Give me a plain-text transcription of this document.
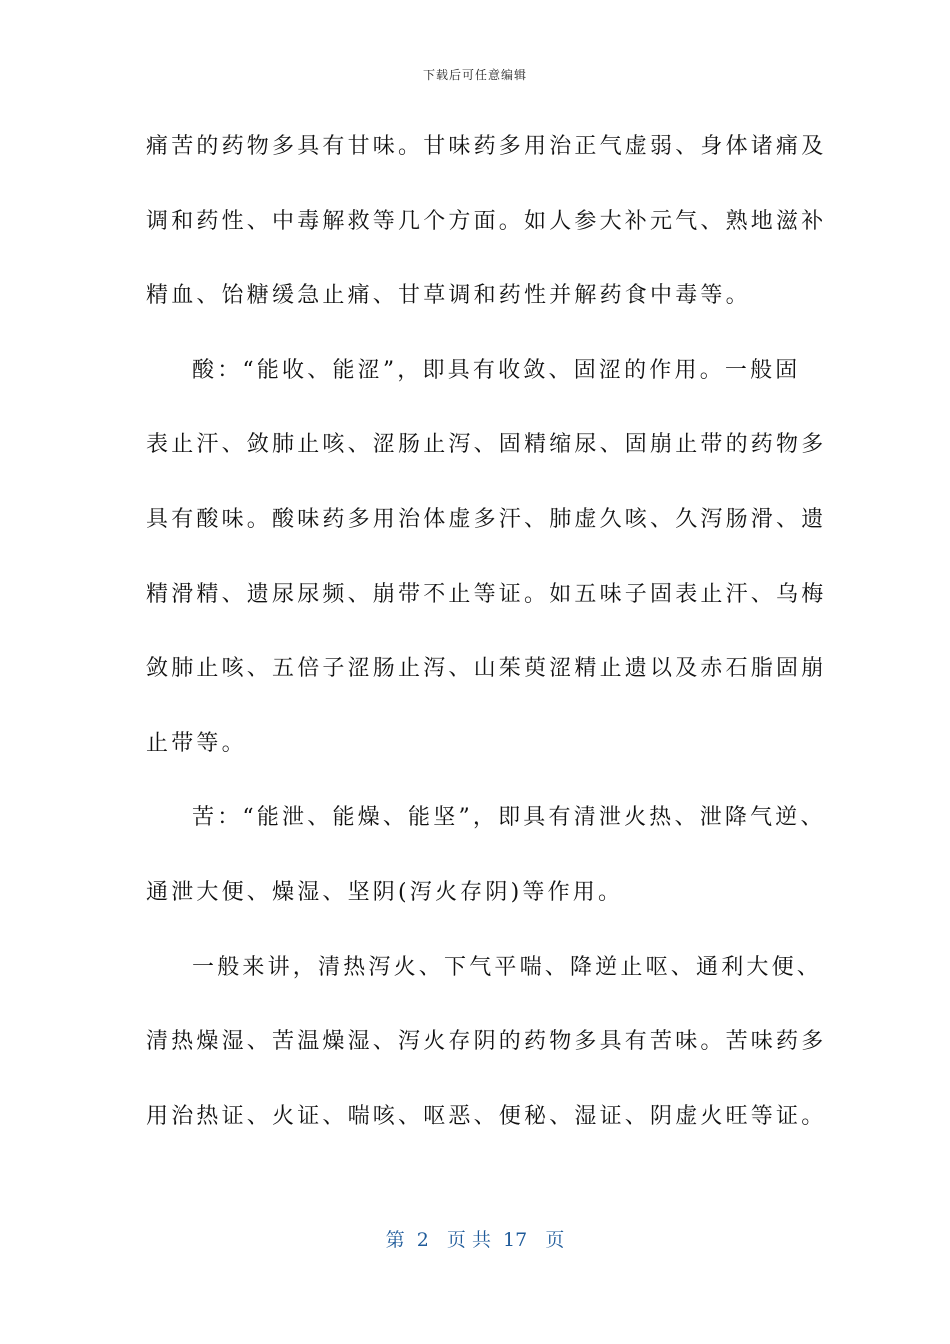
下载后可任意编辑
痛苦的药物多具有甘味。甘味药多用治正气虚弱、身体诸痛及
调和药性、中毒解救等几个方面。如人参大补元气、熟地滋补
精血、饴糖缓急止痛、甘草调和药性并解药食中毒等。
酸：“能收、能涩”，即具有收敛、固涩的作用。一般固
表止汗、敛肺止咳、涩肠止泻、固精缩尿、固崩止带的药物多
具有酸味。酸味药多用治体虚多汗、肺虚久咳、久泻肠滑、遗
精滑精、遗尿尿频、崩带不止等证。如五味子固表止汗、乌梅
敛肺止咳、五倍子涩肠止泻、山茱萸涩精止遗以及赤石脂固崩
止带等。
苦：“能泄、能燥、能坚”，即具有清泄火热、泄降气逆、
通泄大便、燥湿、坚阴(泻火存阴)等作用。
一般来讲，清热泻火、下气平喘、降逆止呕、通利大便、
清热燥湿、苦温燥湿、泻火存阴的药物多具有苦味。苦味药多
用治热证、火证、喘咳、呕恶、便秘、湿证、阴虚火旺等证。
第  2   页 共  17   页
